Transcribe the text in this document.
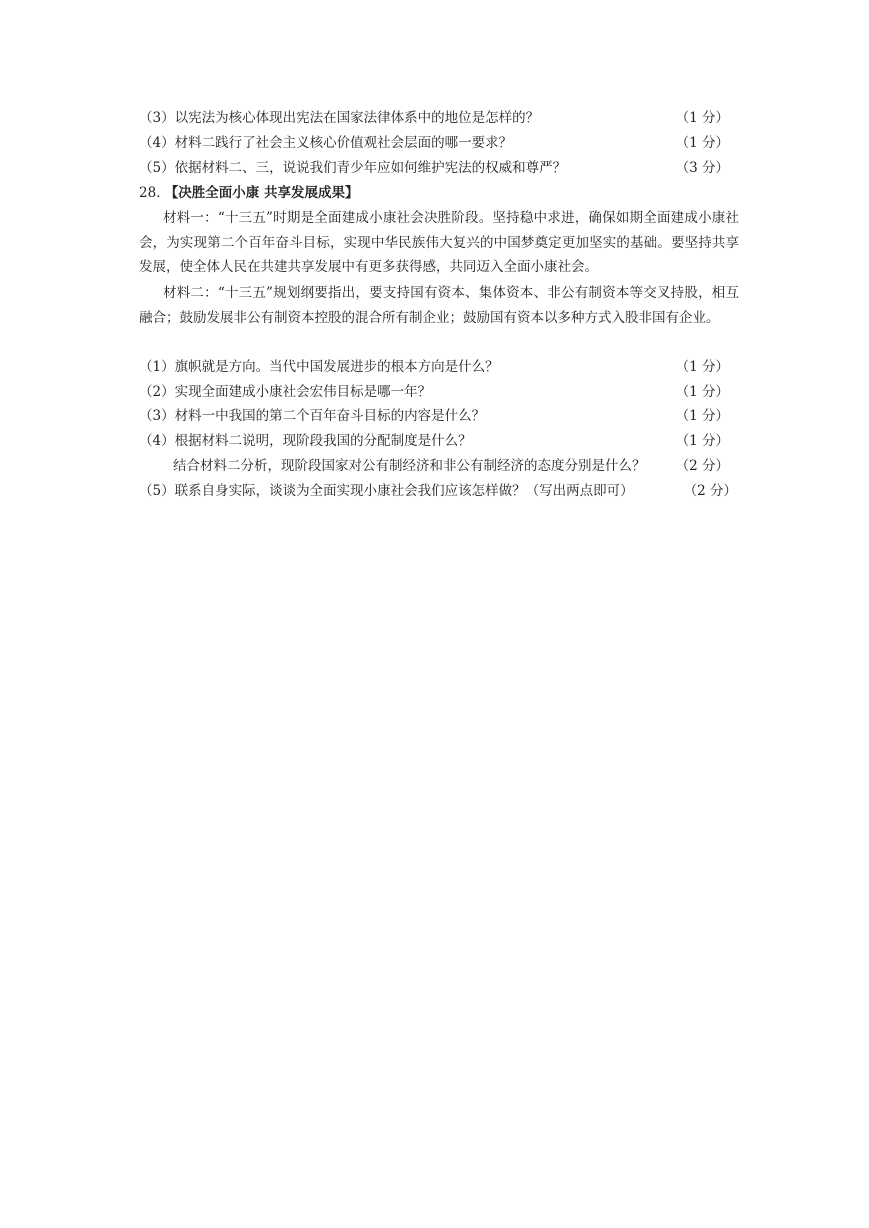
（3）以宪法为核心体现出宪法在国家法律体系中的地位是怎样的？	（1 分）
（4）材料二践行了社会主义核心价值观社会层面的哪一要求？	（1 分）
（5）依据材料二、三，说说我们青少年应如何维护宪法的权威和尊严？	（3 分）
28. 【决胜全面小康 共享发展成果】
材料一：“十三五”时期是全面建成小康社会决胜阶段。坚持稳中求进，确保如期全面建成小康社会，为实现第二个百年奋斗目标，实现中华民族伟大复兴的中国梦奠定更加坚实的基础。要坚持共享发展，使全体人民在共建共享发展中有更多获得感，共同迈入全面小康社会。
材料二：“十三五”规划纲要指出，要支持国有资本、集体资本、非公有制资本等交叉持股，相互融合；鼓励发展非公有制资本控股的混合所有制企业；鼓励国有资本以多种方式入股非国有企业。
（1）旗帜就是方向。当代中国发展进步的根本方向是什么？	（1 分）
（2）实现全面建成小康社会宏伟目标是哪一年？	（1 分）
（3）材料一中我国的第二个百年奋斗目标的内容是什么？	（1 分）
（4）根据材料二说明，现阶段我国的分配制度是什么？	（1 分）
结合材料二分析，现阶段国家对公有制经济和非公有制经济的态度分别是什么？ （2 分）
（5）联系自身实际，谈谈为全面实现小康社会我们应该怎样做？（写出两点即可）	（2 分）
